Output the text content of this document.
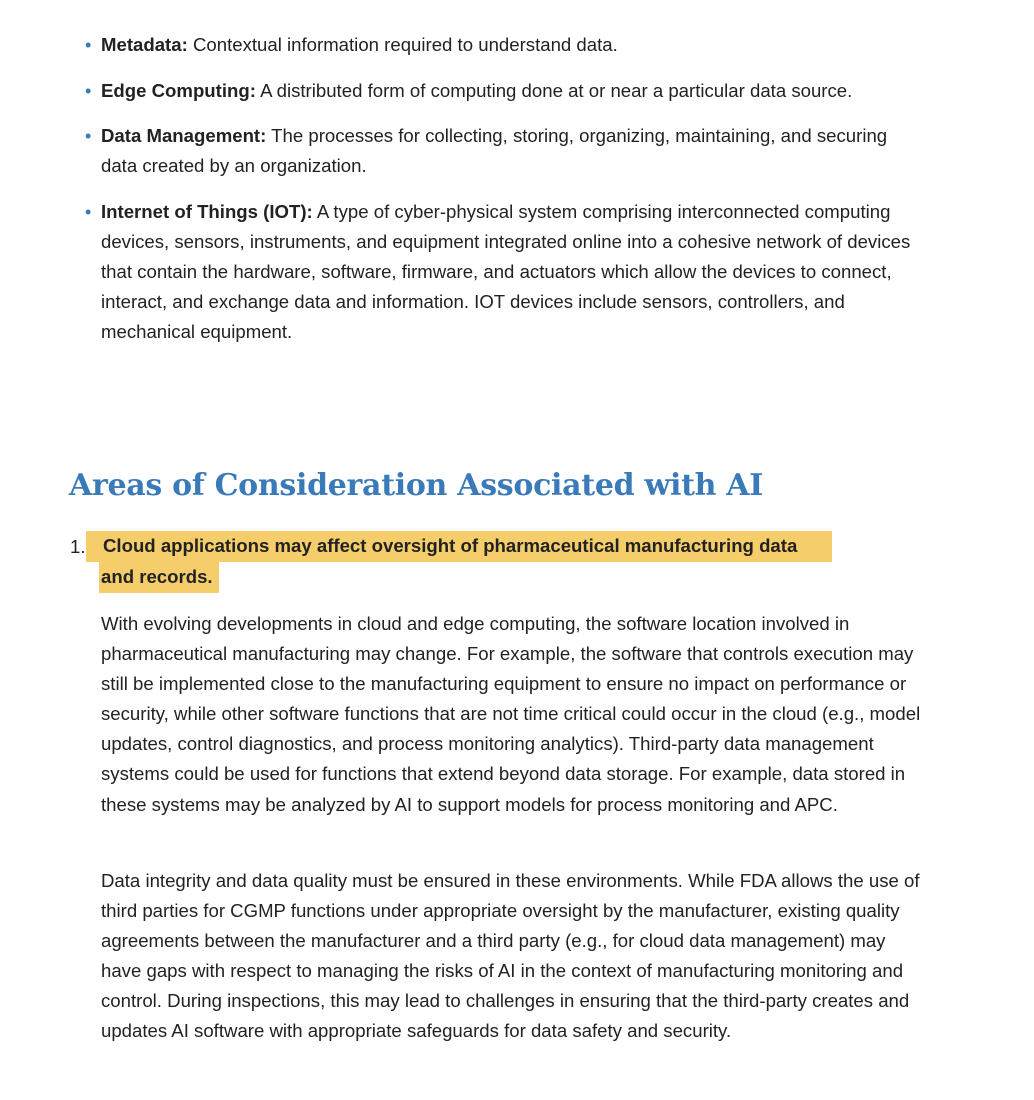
• Metadata: Contextual information required to understand data.
• Edge Computing: A distributed form of computing done at or near a particular data source.
• Data Management: The processes for collecting, storing, organizing, maintaining, and securing data created by an organization.
• Internet of Things (IOT): A type of cyber-physical system comprising interconnected computing devices, sensors, instruments, and equipment integrated online into a cohesive network of devices that contain the hardware, software, firmware, and actuators which allow the devices to connect, interact, and exchange data and information. IOT devices include sensors, controllers, and mechanical equipment.
Areas of Consideration Associated with AI
1. Cloud applications may affect oversight of pharmaceutical manufacturing data
and records.

With evolving developments in cloud and edge computing, the software location involved in pharmaceutical manufacturing may change. For example, the software that controls execution may still be implemented close to the manufacturing equipment to ensure no impact on performance or security, while other software functions that are not time critical could occur in the cloud (e.g., model updates, control diagnostics, and process monitoring analytics). Third-party data management systems could be used for functions that extend beyond data storage. For example, data stored in these systems may be analyzed by AI to support models for process monitoring and APC.

Data integrity and data quality must be ensured in these environments. While FDA allows the use of third parties for CGMP functions under appropriate oversight by the manufacturer, existing quality agreements between the manufacturer and a third party (e.g., for cloud data management) may have gaps with respect to managing the risks of AI in the context of manufacturing monitoring and control. During inspections, this may lead to challenges in ensuring that the third-party creates and updates AI software with appropriate safeguards for data safety and security.
